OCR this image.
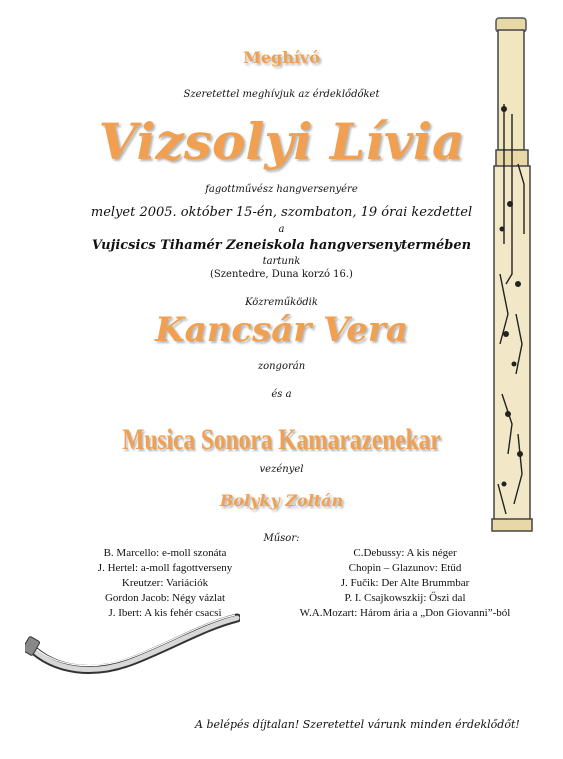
Meghívó
Szeretettel meghívjuk az érdeklődőket
Vizsolyi Lívia
fagottművész hangversenyére
melyet 2005. október 15-én, szombaton, 19 órai kezdettel
a
Vujicsics Tihamér Zeneiskola hangversenytermében
tartunk
(Szentedre, Duna korzó 16.)
Közreműködik
Kancsár Vera
zongorán
és a
Musica Sonora Kamarazenekar
vezényel
Bolyky Zoltán
Műsor:
B. Marcello: e-moll szonáta
J. Hertel: a-moll fagottverseny
Kreutzer: Variációk
Gordon Jacob: Négy vázlat
J. Ibert: A kis fehér csacsi
C.Debussy: A kis néger
Chopin – Glazunov: Etűd
J. Fučik: Der Alte Brummbar
P. I. Csajkowszkij: Őszi dal
W.A.Mozart: Három ária a „Don Giovanni”-ból
A belépés díjtalan! Szeretettel várunk minden érdeklődőt!
